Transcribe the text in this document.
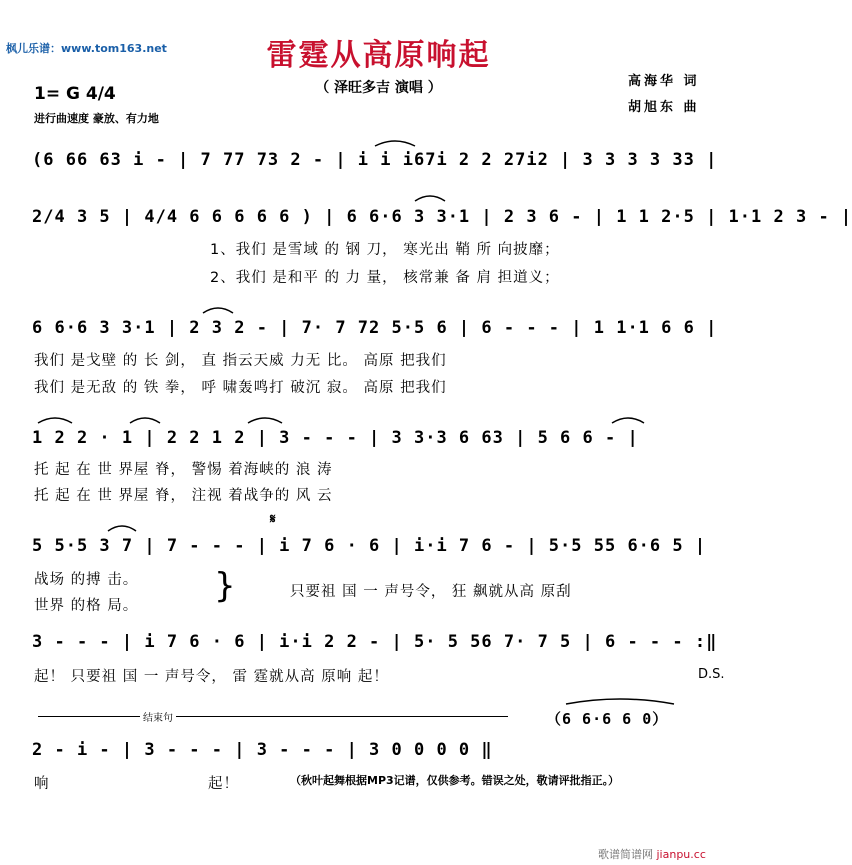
枫儿乐谱：www.tom163.net	雷霆从高原响起
（ 泽旺多吉 演唱 ）	高海华 词
胡旭东 曲
1= G 4/4
进行曲速度 豪放、有力地
(6 66 63 i - | 7 77 73 2 - | i i i67i 2 2 27i2 | 3 3 3 3 33 |
2/4 3 5 | 4/4 6 6 6 6 6 ) | 6 6·6 3 3·1 | 2 3 6 - | 1 1 2·5 | 1·1 2 3 - |
1、我们 是雪域 的 钢 刀， 寒光出 鞘 所 向披靡；
2、我们 是和平 的 力 量， 核常兼 备 肩 担道义；
6 6·6 3 3·1 | 2 3 2 - | 7· 7 72 5·5 6 | 6 - - - | 1 1·1 6 6 |
我们 是戈壁 的 长 剑， 直 指云天威 力无 比。 高原 把我们
我们 是无敌 的 铁 拳， 呼 啸轰鸣打 破沉 寂。 高原 把我们
1 2 2 · 1 | 2 2 1 2 | 3 - - - | 3 3·3 6 63 | 5 6 6 - |
托 起 在 世 界屋 脊， 警惕 着海峡的 浪 涛
托 起 在 世 界屋 脊， 注视 着战争的 风 云
𝄋
5 5·5 3 7 | 7 - - - | i 7 6 · 6 | i·i 7 6 - | 5·5 55 6·6 5 |
战场 的搏 击。
世界 的格 局。 }	只要祖 国 一 声号令， 狂 飙就从高 原刮
3 - - - | i 7 6 · 6 | i·i 2 2 - | 5· 5 56 7· 7 5 | 6 - - - :‖
起！ 只要祖 国 一 声号令， 雷 霆就从高 原响 起！	D.S.
结束句	（6 6·6 6 0）
2 - i - | 3 - - - | 3 - - - | 3 0 0 0 0 ‖
响	起！	（秋叶起舞根据MP3记谱，仅供参考。错误之处，敬请评批指正。）
歌谱简谱网 jianpu.cc
